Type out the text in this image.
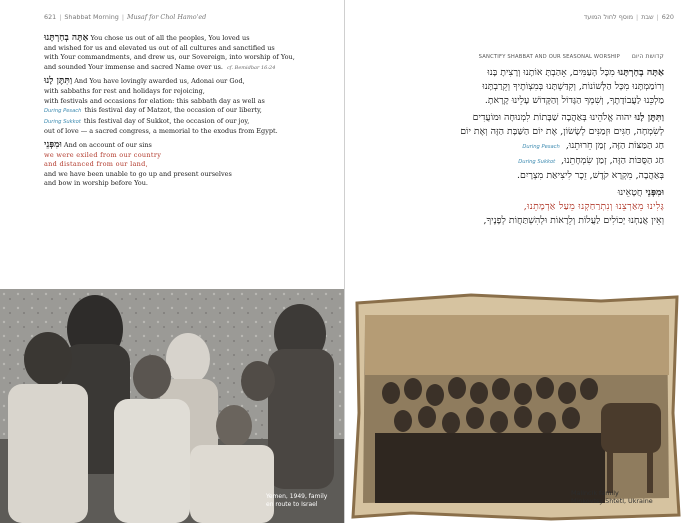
621 | Shabbat Morning | Musaf for Chol Hamo'ed

אַתָּה בְחַרְתָּנוּ You chose us out of all the peoples, You loved us

and wished for us and elevated us out of all cultures and sanctified us

with Your commandments, and drew us, our Sovereign, into worship of You,

and sounded Your immense and sacred Name over us. cf. Bemidbar 16:24

וַתִּתֶּן לָנוּ And You have lovingly awarded us, Adonai our God,

with sabbaths for rest and holidays for rejoicing,

with festivals and occasions for elation: this sabbath day as well as

During Pesach this festival day of Matzot, the occasion of our liberty,

During Sukkot this festival day of Sukkot, the occasion of our joy,

out of love — a sacred congress, a memorial to the exodus from Egypt.

וּמִפְּנֵי And on account of our sins

we were exiled from our country

and distanced from our land,

and we have been unable to go up and present ourselves

and bow in worship before You.

Yemen, 1949, family
en route to Israel
מוסף לחול המועד | שבת | 620
SANCTIFY SHABBAT AND OUR SEASONAL WORSHIP קדושת היום

אַתָּה בְחַרְתָּנוּ מִכָּל הָעַמִּים, אָהַבְתָּ אוֹתָנוּ וְרָצִיתָ בָּנוּ

וְרוֹמַמְתָּנוּ מִכָּל הַלְּשׁוֹנוֹת, וְקִדַּשְׁתָּנוּ בְּמִצְוֹתֶיךָ וְקֵרַבְתָּנוּ

מַלְכֵּנוּ לַעֲבוֹדָתֶךָ, וְשִׁמְךָ הַגָּדוֹל וְהַקָּדוֹשׁ עָלֵינוּ קָרָאתָ.

וַתִּתֶּן לָנוּ יהוה אֱלֹהֵינוּ בְּאַהֲבָה שַׁבָּתוֹת לִמְנוּחָה וּמוֹעֲדִים

לְשִׂמְחָה, חַגִּים וּזְמַנִּים לְשָׂשׂוֹן, אֶת יוֹם הַשַּׁבָּת הַזֶּה וְאֶת יוֹם

חַג הַמַּצּוֹת הַזֶּה, זְמַן חֵרוּתֵנוּ,During Pesach

חַג הַסֻּכּוֹת הַזֶּה, זְמַן שִׂמְחָתֵנוּ,During Sukkot

בְּאַהֲבָה, מִקְרָא קֹדֶשׁ, זֵכֶר לִיצִיאַת מִצְרָיִם.

וּמִפְּנֵי חֲטָאֵינוּ

גָּלִינוּ מֵאַרְצֵנוּ וְנִתְרַחַקְנוּ מֵעַל אַדְמָתֵנוּ,

וְאֵין אֲנַחְנוּ יְכוֹלִים לַעֲלוֹת וְלֵרָאוֹת וּלְהִשְׁתַּחֲוֹת לְפָנֶיךָ,

Malincik family
Minkovtsy Shtetl, Ukraine
